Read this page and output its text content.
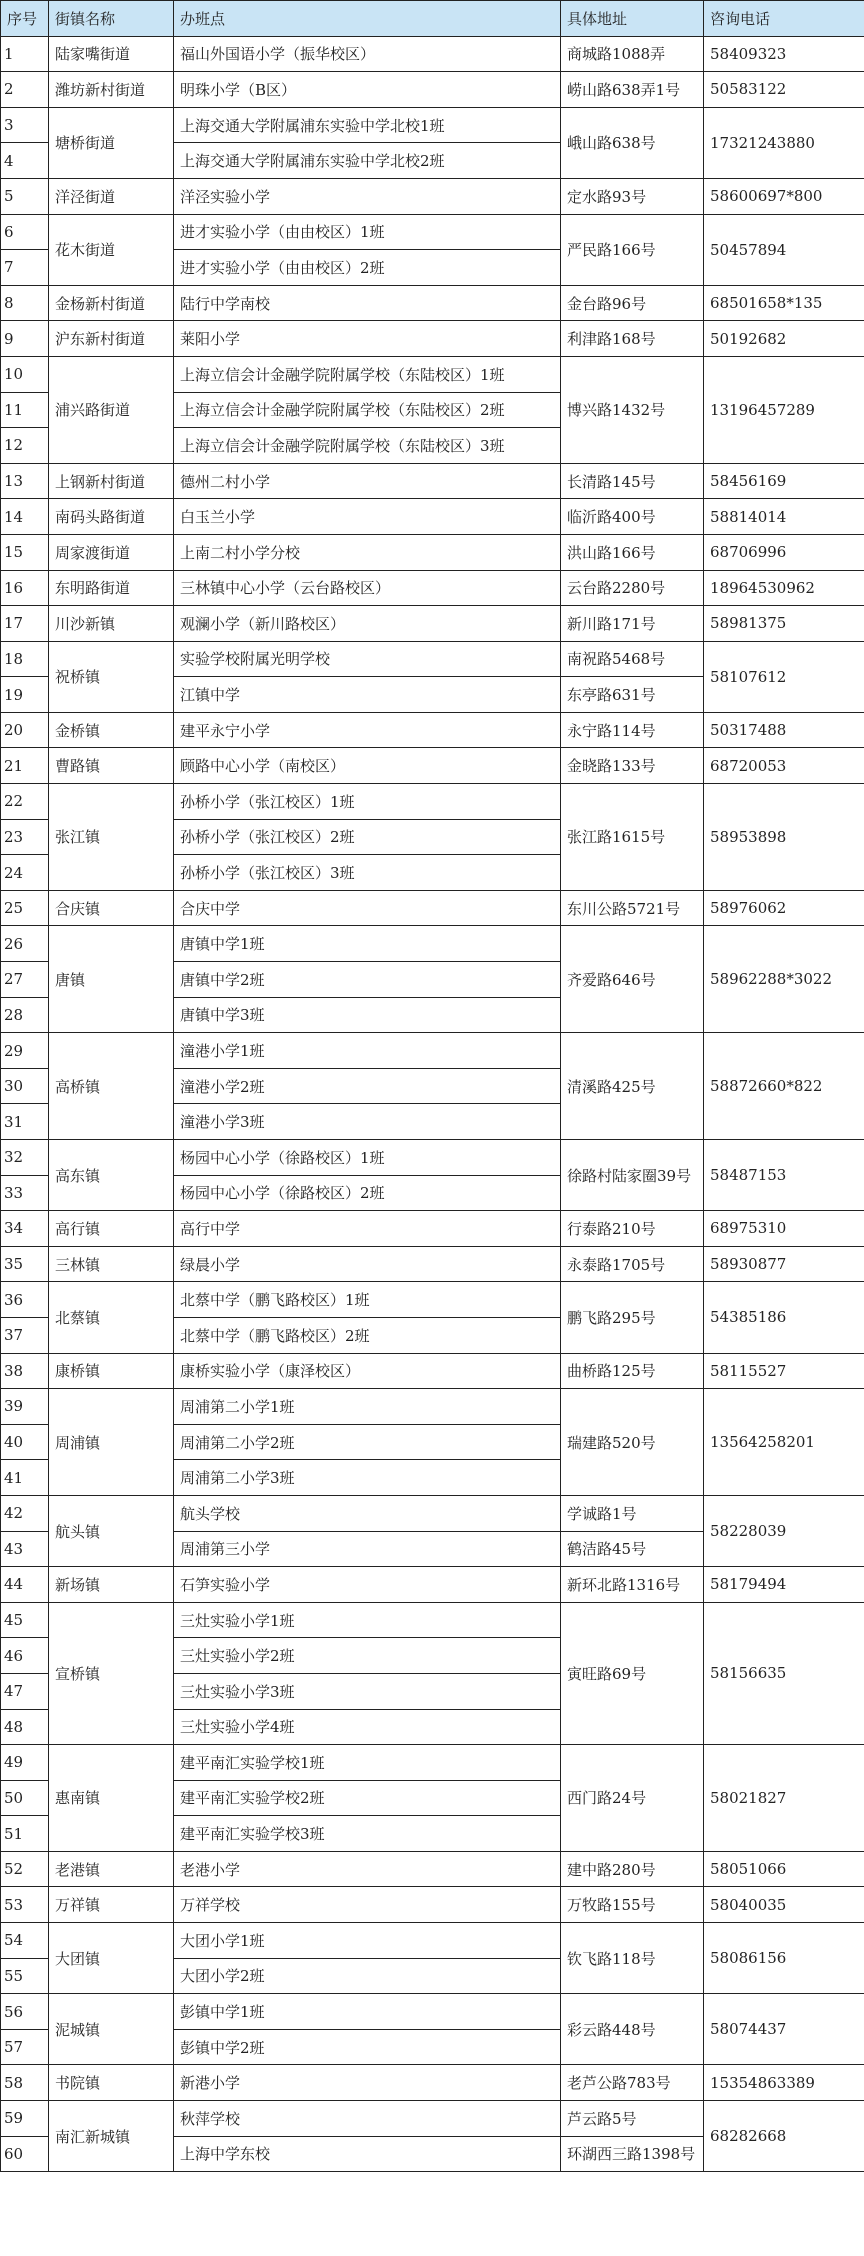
序号	街镇名称	办班点	具体地址	咨询电话
1	陆家嘴街道	福山外国语小学（振华校区）	商城路1088弄	58409323
2	潍坊新村街道	明珠小学（B区）	崂山路638弄1号	50583122
3	塘桥街道	上海交通大学附属浦东实验中学北校1班	峨山路638号	17321243880
4		上海交通大学附属浦东实验中学北校2班		
5	洋泾街道	洋泾实验小学	定水路93号	58600697*800
6	花木街道	进才实验小学（由由校区）1班	严民路166号	50457894
7		进才实验小学（由由校区）2班		
8	金杨新村街道	陆行中学南校	金台路96号	68501658*135
9	沪东新村街道	莱阳小学	利津路168号	50192682
10	浦兴路街道	上海立信会计金融学院附属学校（东陆校区）1班	博兴路1432号	13196457289
11		上海立信会计金融学院附属学校（东陆校区）2班		
12		上海立信会计金融学院附属学校（东陆校区）3班		
13	上钢新村街道	德州二村小学	长清路145号	58456169
14	南码头路街道	白玉兰小学	临沂路400号	58814014
15	周家渡街道	上南二村小学分校	洪山路166号	68706996
16	东明路街道	三林镇中心小学（云台路校区）	云台路2280号	18964530962
17	川沙新镇	观澜小学（新川路校区）	新川路171号	58981375
18	祝桥镇	实验学校附属光明学校	南祝路5468号	58107612
19		江镇中学	东亭路631号	
20	金桥镇	建平永宁小学	永宁路114号	50317488
21	曹路镇	顾路中心小学（南校区）	金晓路133号	68720053
22	张江镇	孙桥小学（张江校区）1班	张江路1615号	58953898
23		孙桥小学（张江校区）2班		
24		孙桥小学（张江校区）3班		
25	合庆镇	合庆中学	东川公路5721号	58976062
26	唐镇	唐镇中学1班	齐爱路646号	58962288*3022
27		唐镇中学2班		
28		唐镇中学3班		
29	高桥镇	潼港小学1班	清溪路425号	58872660*822
30		潼港小学2班		
31		潼港小学3班		
32	高东镇	杨园中心小学（徐路校区）1班	徐路村陆家圈39号	58487153
33		杨园中心小学（徐路校区）2班		
34	高行镇	高行中学	行泰路210号	68975310
35	三林镇	绿晨小学	永泰路1705号	58930877
36	北蔡镇	北蔡中学（鹏飞路校区）1班	鹏飞路295号	54385186
37		北蔡中学（鹏飞路校区）2班		
38	康桥镇	康桥实验小学（康泽校区）	曲桥路125号	58115527
39	周浦镇	周浦第二小学1班	瑞建路520号	13564258201
40		周浦第二小学2班		
41		周浦第二小学3班		
42	航头镇	航头学校	学诚路1号	58228039
43		周浦第三小学	鹤洁路45号	
44	新场镇	石笋实验小学	新环北路1316号	58179494
45	宣桥镇	三灶实验小学1班	寅旺路69号	58156635
46		三灶实验小学2班		
47		三灶实验小学3班		
48		三灶实验小学4班		
49	惠南镇	建平南汇实验学校1班	西门路24号	58021827
50		建平南汇实验学校2班		
51		建平南汇实验学校3班		
52	老港镇	老港小学	建中路280号	58051066
53	万祥镇	万祥学校	万牧路155号	58040035
54	大团镇	大团小学1班	钦飞路118号	58086156
55		大团小学2班		
56	泥城镇	彭镇中学1班	彩云路448号	58074437
57		彭镇中学2班		
58	书院镇	新港小学	老芦公路783号	15354863389
59	南汇新城镇	秋萍学校	芦云路5号	68282668
60		上海中学东校	环湖西三路1398号	
